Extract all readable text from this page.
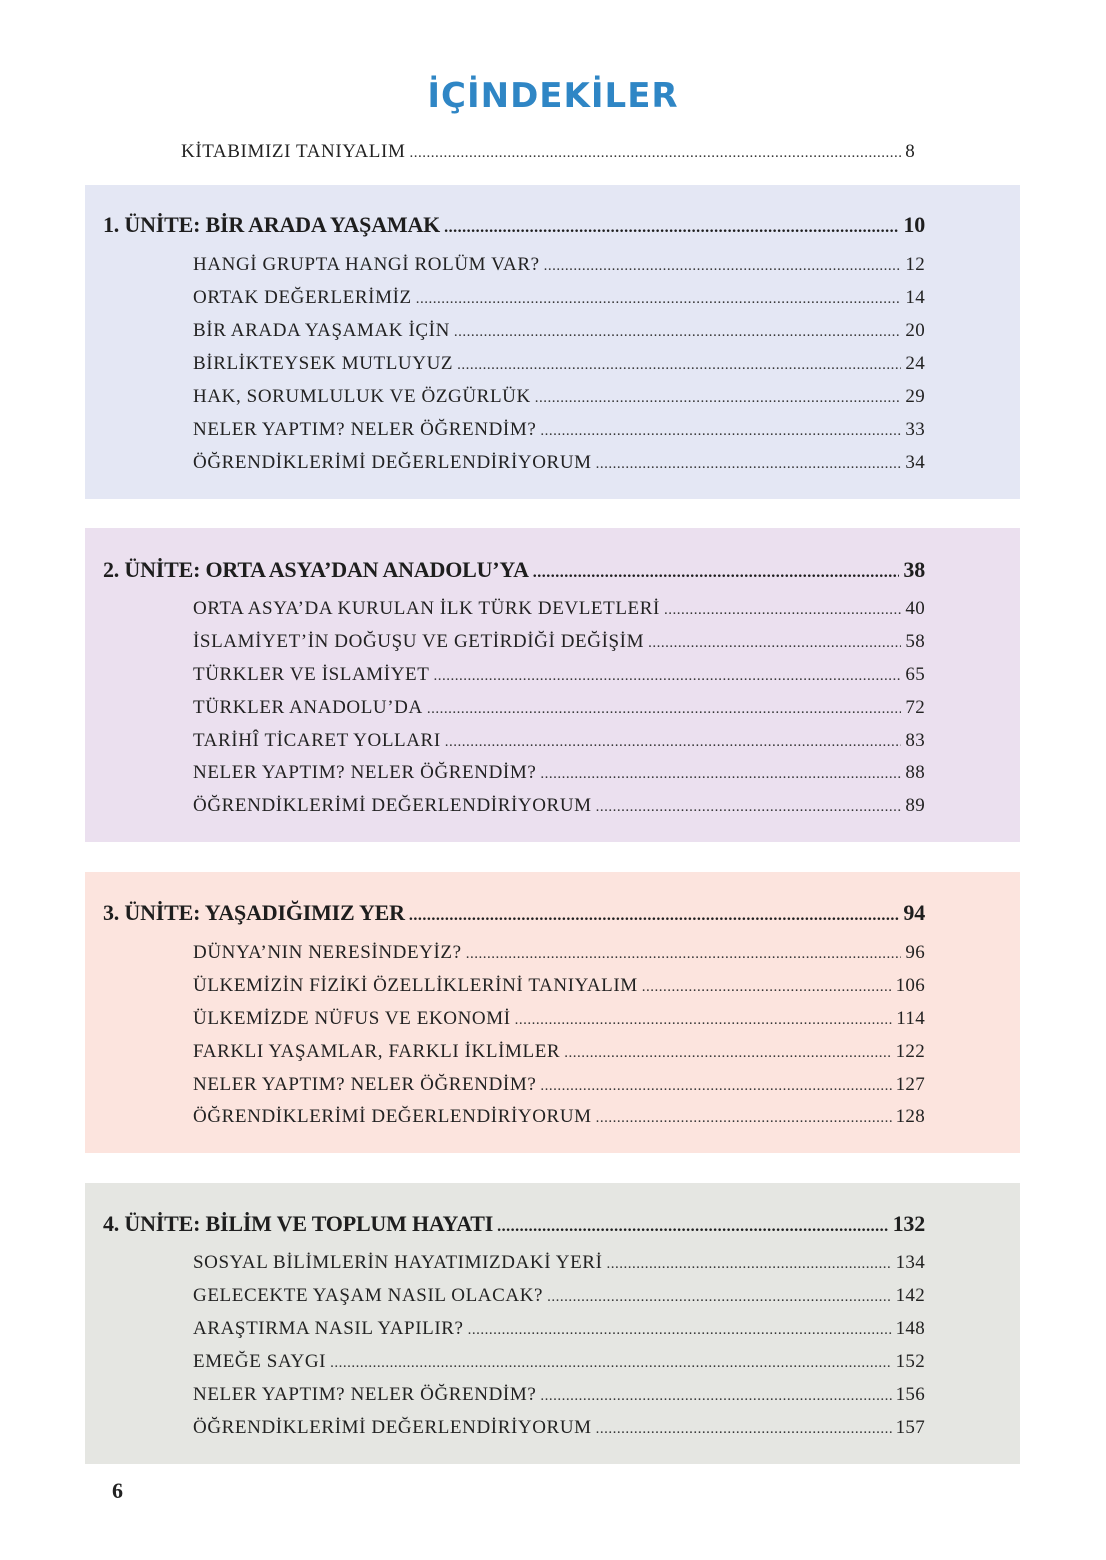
İÇİNDEKİLER
KİTABIMIZI TANIYALIM .....	8
1. ÜNİTE: BİR ARADA YAŞAMAK .....	10
HANGİ GRUPTA HANGİ ROLÜM VAR? .....	12
ORTAK DEĞERLERİMİZ .....	14
BİR ARADA YAŞAMAK İÇİN .....	20
BİRLİKTEYSEK MUTLUYUZ .....	24
HAK, SORUMLULUK VE ÖZGÜRLÜK .....	29
NELER YAPTIM? NELER ÖĞRENDİM? .....	33
ÖĞRENDİKLERİMİ DEĞERLENDİRİYORUM .....	34
2. ÜNİTE: ORTA ASYA’DAN ANADOLU’YA .....	38
ORTA ASYA’DA KURULAN İLK TÜRK DEVLETLERİ .....	40
İSLAMİYET’İN DOĞUŞU VE GETİRDİĞİ DEĞİŞİM .....	58
TÜRKLER VE İSLAMİYET .....	65
TÜRKLER ANADOLU’DA .....	72
TARİHÎ TİCARET YOLLARI .....	83
NELER YAPTIM? NELER ÖĞRENDİM? .....	88
ÖĞRENDİKLERİMİ DEĞERLENDİRİYORUM .....	89
3. ÜNİTE: YAŞADIĞIMIZ YER .....	94
DÜNYA’NIN NERESİNDEYİZ? .....	96
ÜLKEMİZİN FİZİKİ ÖZELLİKLERİNİ TANIYALIM .....	106
ÜLKEMİZDE NÜFUS VE EKONOMİ .....	114
FARKLI YAŞAMLAR, FARKLI İKLİMLER .....	122
NELER YAPTIM? NELER ÖĞRENDİM? .....	127
ÖĞRENDİKLERİMİ DEĞERLENDİRİYORUM .....	128
4. ÜNİTE: BİLİM VE TOPLUM HAYATI .....	132
SOSYAL BİLİMLERİN HAYATIMIZDAKİ YERİ .....	134
GELECEKTE YAŞAM NASIL OLACAK? .....	142
ARAŞTIRMA NASIL YAPILIR? .....	148
EMEĞE SAYGI .....	152
NELER YAPTIM? NELER ÖĞRENDİM? .....	156
ÖĞRENDİKLERİMİ DEĞERLENDİRİYORUM .....	157
6
